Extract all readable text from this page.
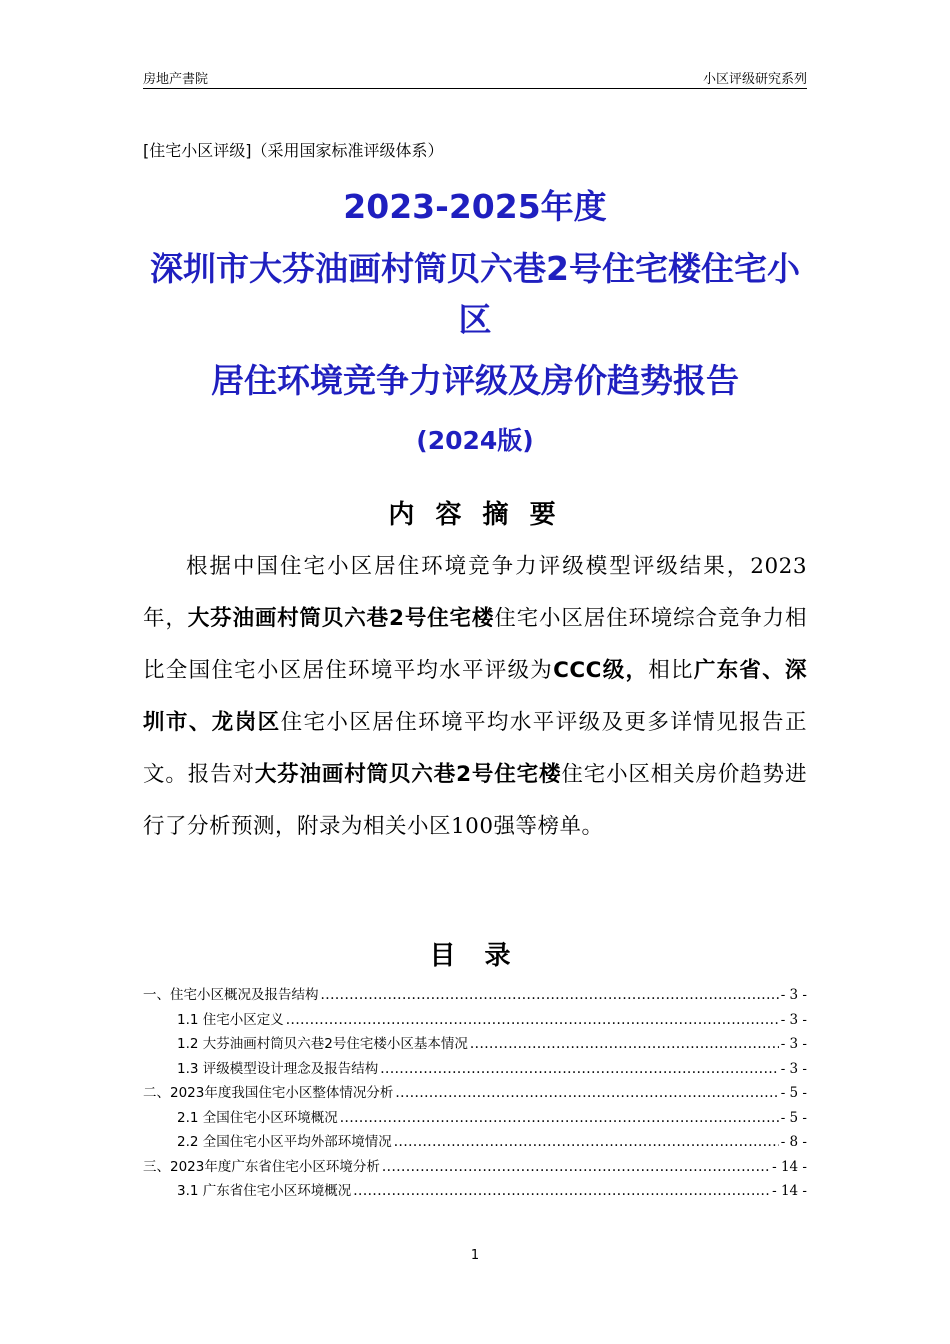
房地产書院	小区评级研究系列
[住宅小区评级]（采用国家标准评级体系）
2023-2025年度
深圳市大芬油画村筒贝六巷2号住宅楼住宅小区
居住环境竞争力评级及房价趋势报告
(2024版)
内 容 摘 要
根据中国住宅小区居住环境竞争力评级模型评级结果，2023年，大芬油画村筒贝六巷2号住宅楼住宅小区居住环境综合竞争力相比全国住宅小区居住环境平均水平评级为CCC级，相比广东省、深圳市、龙岗区住宅小区居住环境平均水平评级及更多详情见报告正文。报告对大芬油画村筒贝六巷2号住宅楼住宅小区相关房价趋势进行了分析预测，附录为相关小区100强等榜单。
目 录
一、住宅小区概况及报告结构 .....	- 3 -
1.1 住宅小区定义 .....	- 3 -
1.2 大芬油画村筒贝六巷2号住宅楼小区基本情况 .....	- 3 -
1.3 评级模型设计理念及报告结构 .....	- 3 -
二、2023年度我国住宅小区整体情况分析 .....	- 5 -
2.1 全国住宅小区环境概况 .....	- 5 -
2.2 全国住宅小区平均外部环境情况 .....	- 8 -
三、2023年度广东省住宅小区环境分析 .....	- 14 -
3.1 广东省住宅小区环境概况 .....	- 14 -
1
